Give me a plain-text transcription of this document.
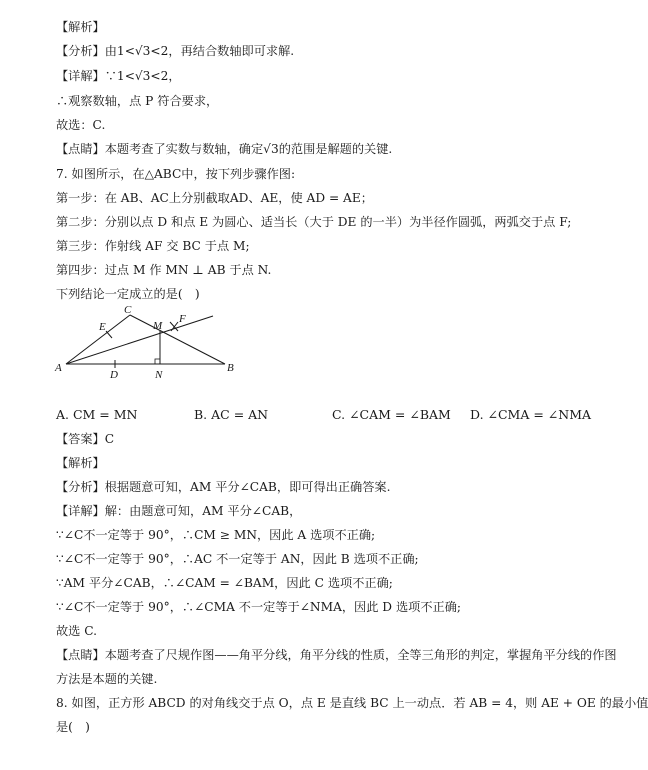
【解析】
【分析】由1<√3<2，再结合数轴即可求解.
【详解】∵1<√3<2，
∴观察数轴，点 P 符合要求，
故选：C.
【点睛】本题考查了实数与数轴，确定√3的范围是解题的关键.
7. 如图所示，在△ABC中，按下列步骤作图:
第一步：在 AB、AC上分别截取AD、AE，使 AD = AE；
第二步：分别以点 D 和点 E 为圆心、适当长（大于 DE 的一半）为半径作圆弧，两弧交于点 F;
第三步：作射线 AF 交 BC 于点 M;
第四步：过点 M 作 MN ⊥ AB 于点 N.
下列结论一定成立的是(　)
C
M
F
E
A
D	N
B
A. CM = MN	B. AC = AN	C. ∠CAM = ∠BAM D. ∠CMA = ∠NMA
【答案】C
【解析】
【分析】根据题意可知，AM 平分∠CAB，即可得出正确答案.
【详解】解：由题意可知，AM 平分∠CAB，
∵∠C不一定等于 90°，∴CM ≥ MN，因此 A 选项不正确;
∵∠C不一定等于 90°，∴AC 不一定等于 AN，因此 B 选项不正确;
∵AM 平分∠CAB，∴∠CAM = ∠BAM，因此 C 选项不正确;
∵∠C不一定等于 90°，∴∠CMA 不一定等于∠NMA，因此 D 选项不正确;
故选 C.
【点睛】本题考查了尺规作图——角平分线，角平分线的性质，全等三角形的判定，掌握角平分线的作图
方法是本题的关键.
8. 如图，正方形 ABCD 的对角线交于点 O，点 E 是直线 BC 上一动点．若 AB = 4，则 AE + OE 的最小值
是(　)
